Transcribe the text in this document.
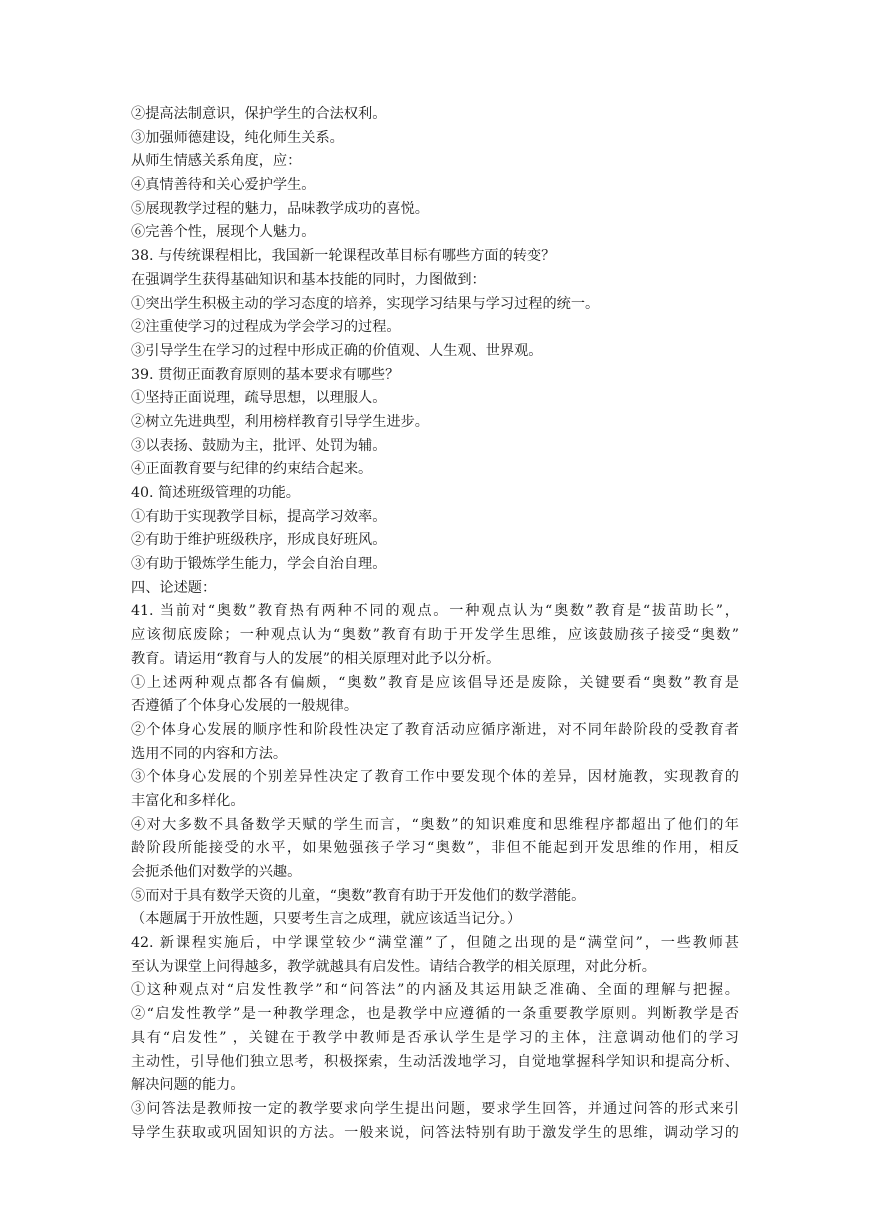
②提高法制意识，保护学生的合法权利。
③加强师德建设，纯化师生关系。
从师生情感关系角度，应：
④真情善待和关心爱护学生。
⑤展现教学过程的魅力，品味教学成功的喜悦。
⑥完善个性，展现个人魅力。
38. 与传统课程相比，我国新一轮课程改革目标有哪些方面的转变？
在强调学生获得基础知识和基本技能的同时，力图做到：
①突出学生积极主动的学习态度的培养，实现学习结果与学习过程的统一。
②注重使学习的过程成为学会学习的过程。
③引导学生在学习的过程中形成正确的价值观、人生观、世界观。
39. 贯彻正面教育原则的基本要求有哪些？
①坚持正面说理，疏导思想，以理服人。
②树立先进典型，利用榜样教育引导学生进步。
③以表扬、鼓励为主，批评、处罚为辅。
④正面教育要与纪律的约束结合起来。
40. 简述班级管理的功能。
①有助于实现教学目标，提高学习效率。
②有助于维护班级秩序，形成良好班风。
③有助于锻炼学生能力，学会自治自理。
四、论述题：
41. 当前对“奥数”教育热有两种不同的观点。一种观点认为“奥数”教育是“拔苗助长”，
应该彻底废除；一种观点认为“奥数”教育有助于开发学生思维，应该鼓励孩子接受“奥数”
教育。请运用“教育与人的发展”的相关原理对此予以分析。
①上述两种观点都各有偏颇，“奥数”教育是应该倡导还是废除，关键要看“奥数”教育是
否遵循了个体身心发展的一般规律。
②个体身心发展的顺序性和阶段性决定了教育活动应循序渐进，对不同年龄阶段的受教育者
选用不同的内容和方法。
③个体身心发展的个别差异性决定了教育工作中要发现个体的差异，因材施教，实现教育的
丰富化和多样化。
④对大多数不具备数学天赋的学生而言，“奥数”的知识难度和思维程序都超出了他们的年
龄阶段所能接受的水平，如果勉强孩子学习“奥数”，非但不能起到开发思维的作用，相反
会扼杀他们对数学的兴趣。
⑤而对于具有数学天资的儿童，“奥数”教育有助于开发他们的数学潜能。
（本题属于开放性题，只要考生言之成理，就应该适当记分。）
42. 新课程实施后，中学课堂较少“满堂灌”了，但随之出现的是“满堂问”，一些教师甚
至认为课堂上问得越多，教学就越具有启发性。请结合教学的相关原理，对此分析。
①这种观点对“启发性教学”和“问答法”的内涵及其运用缺乏准确、全面的理解与把握。
②“启发性教学”是一种教学理念，也是教学中应遵循的一条重要教学原则。判断教学是否
具有“启发性” ，关键在于教学中教师是否承认学生是学习的主体，注意调动他们的学习
主动性，引导他们独立思考，积极探索，生动活泼地学习，自觉地掌握科学知识和提高分析、
解决问题的能力。
③问答法是教师按一定的教学要求向学生提出问题，要求学生回答，并通过问答的形式来引
导学生获取或巩固知识的方法。一般来说，问答法特别有助于激发学生的思维，调动学习的
